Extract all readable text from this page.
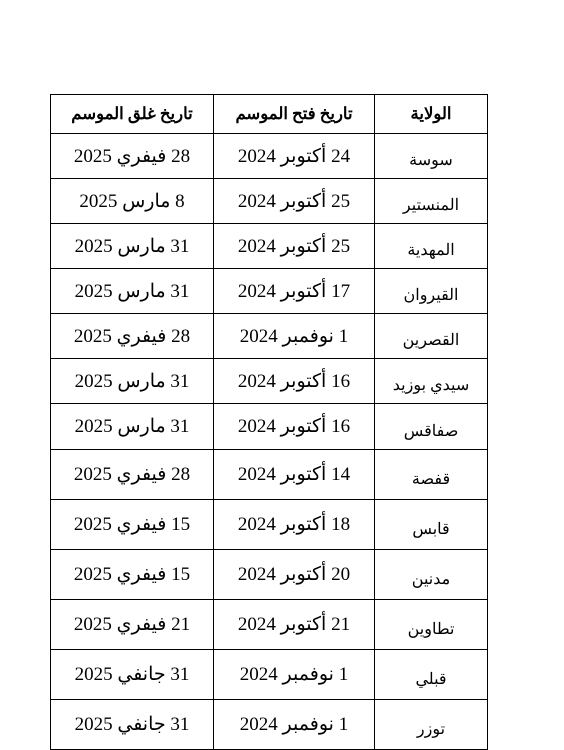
الولاية	تاريخ فتح الموسم	تاريخ غلق الموسم
سوسة	24 أكتوبر 2024	28 فيفري 2025
المنستير	25 أكتوبر 2024	8 مارس 2025
المهدية	25 أكتوبر 2024	31 مارس 2025
القيروان	17 أكتوبر 2024	31 مارس 2025
القصرين	1 نوفمبر 2024	28 فيفري 2025
سيدي بوزيد	16 أكتوبر 2024	31 مارس 2025
صفاقس	16 أكتوبر 2024	31 مارس 2025
قفصة	14 أكتوبر 2024	28 فيفري 2025
قابس	18 أكتوبر 2024	15 فيفري 2025
مدنين	20 أكتوبر 2024	15 فيفري 2025
تطاوين	21 أكتوبر 2024	21 فيفري 2025
قبلي	1 نوفمبر 2024	31 جانفي 2025
توزر	1 نوفمبر 2024	31 جانفي 2025
